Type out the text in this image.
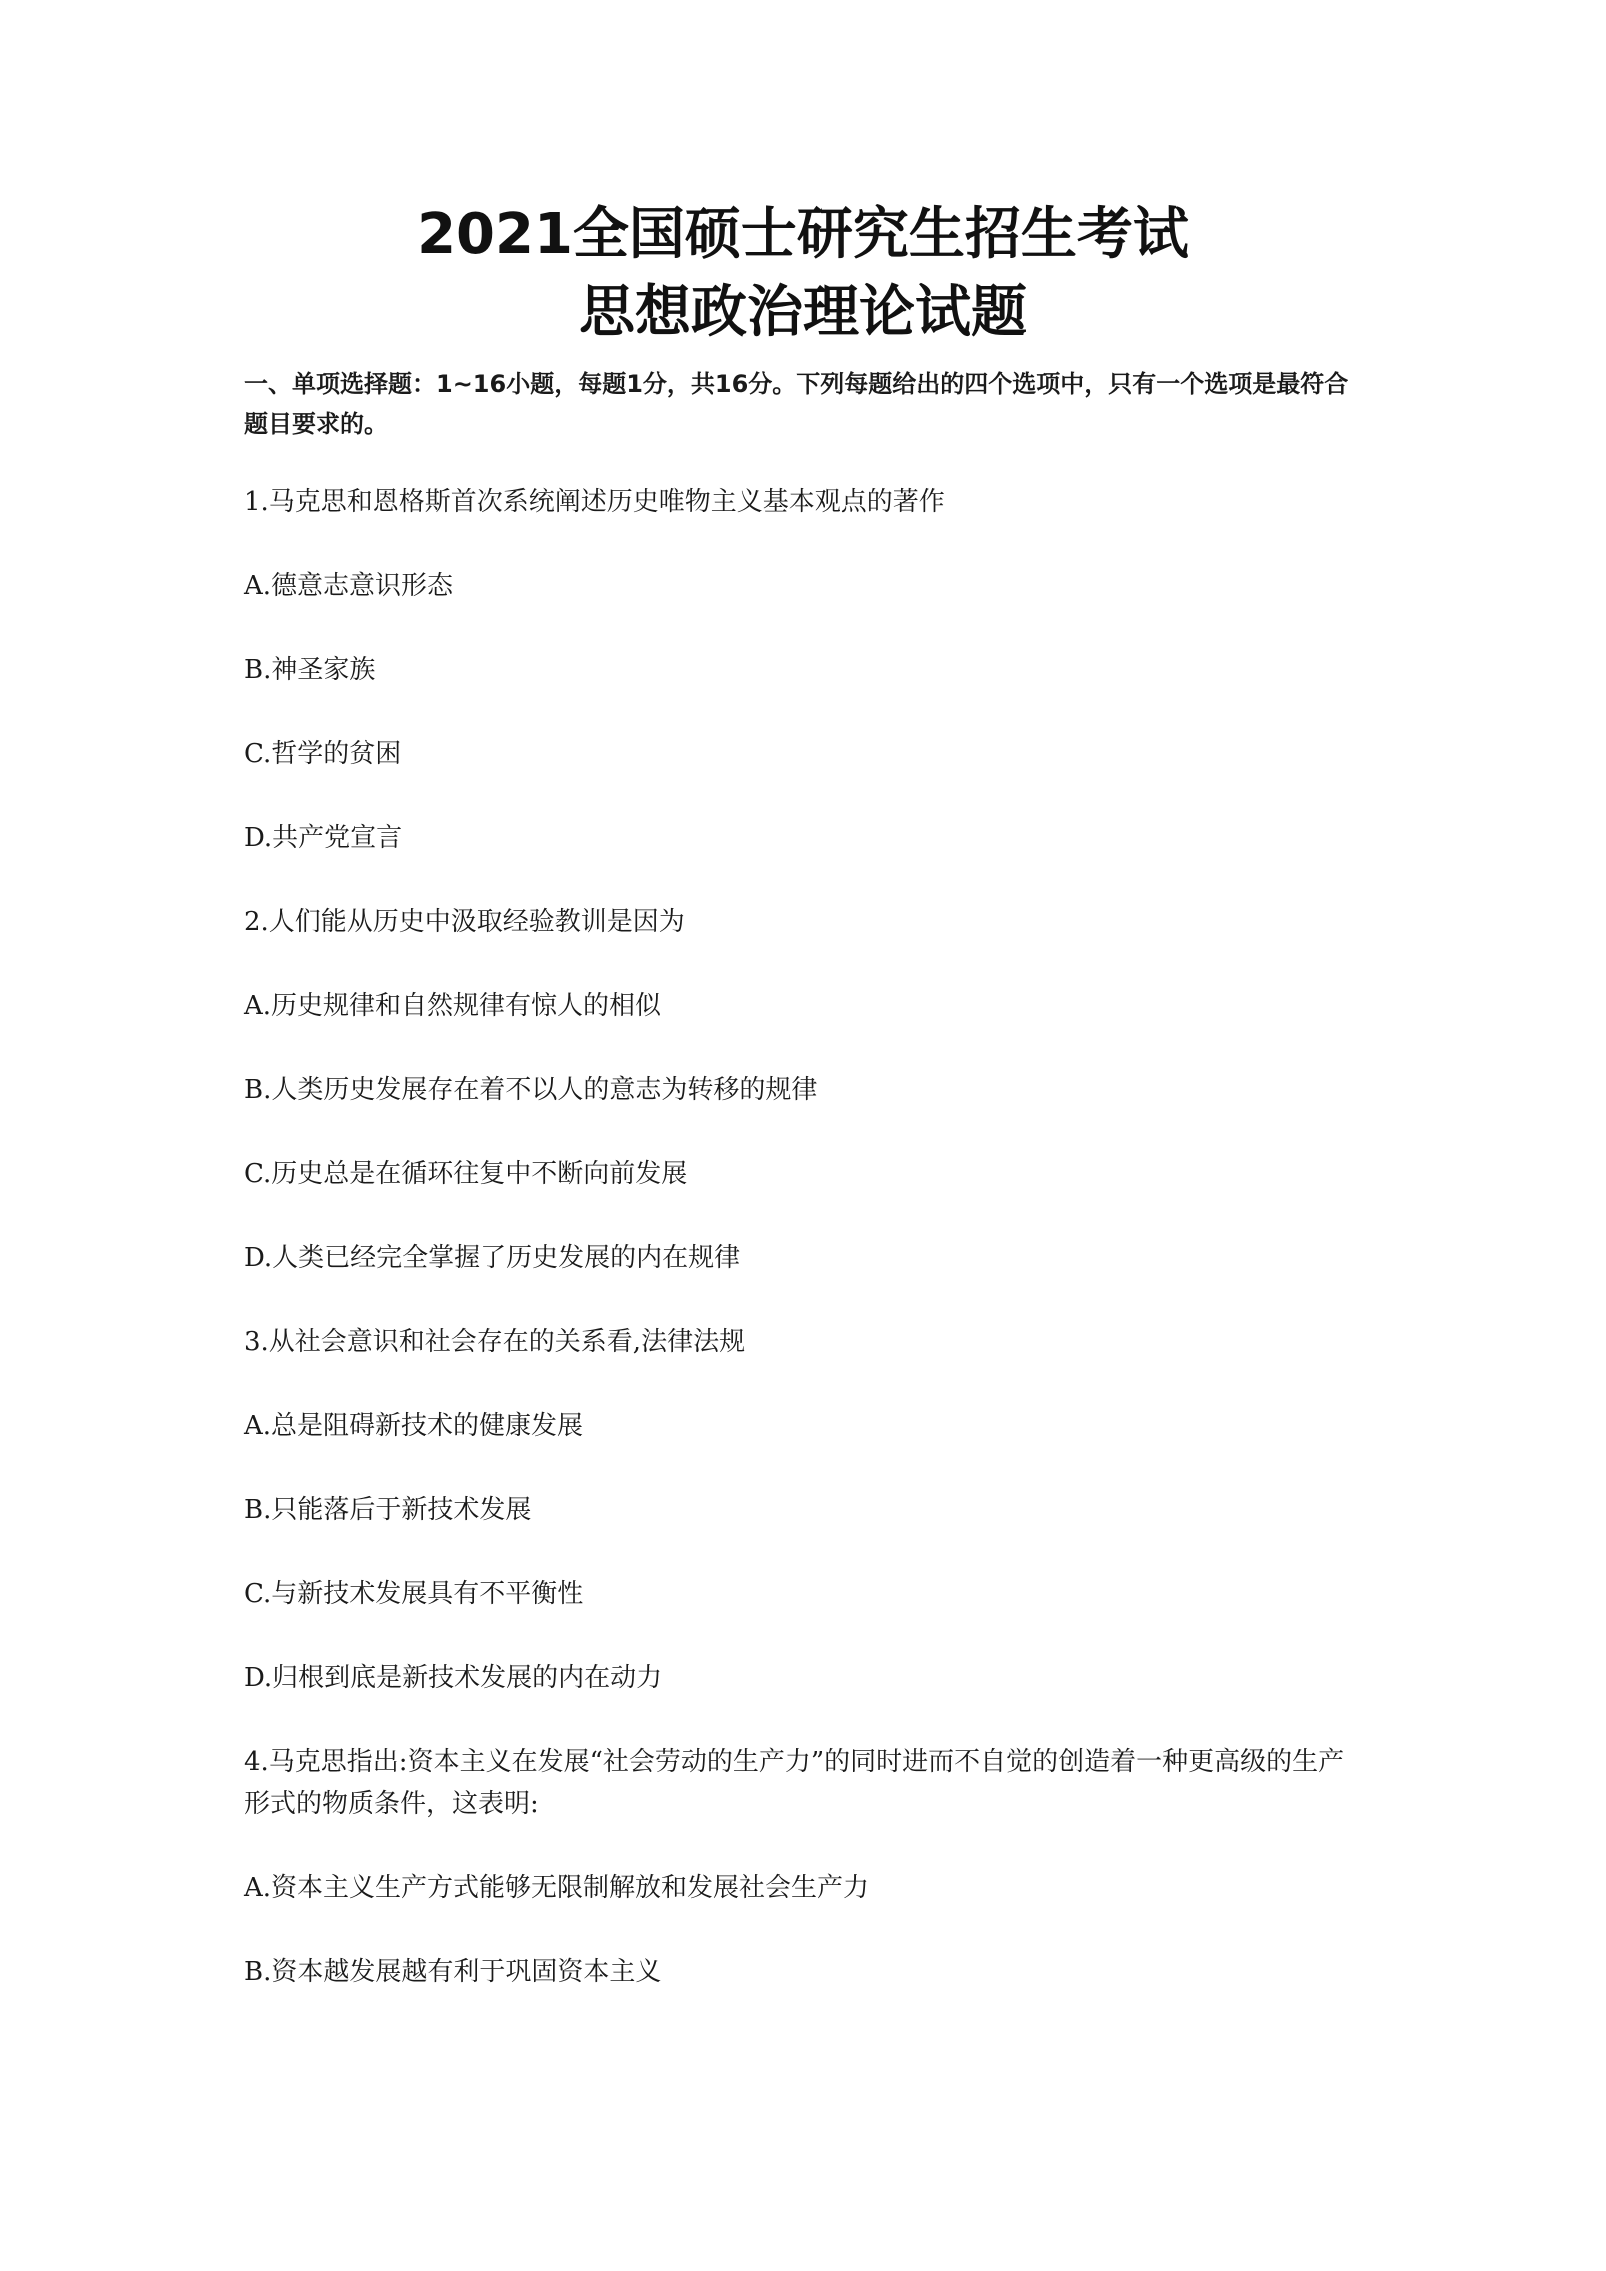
2021全国硕士研究生招生考试
思想政治理论试题

一、单项选择题：1~16小题，每题1分，共16分。下列每题给出的四个选项中，只有一个选项是最符合题目要求的。

1.马克思和恩格斯首次系统阐述历史唯物主义基本观点的著作

A.德意志意识形态

B.神圣家族

C.哲学的贫困

D.共产党宣言

2.人们能从历史中汲取经验教训是因为

A.历史规律和自然规律有惊人的相似

B.人类历史发展存在着不以人的意志为转移的规律

C.历史总是在循环往复中不断向前发展

D.人类已经完全掌握了历史发展的内在规律

3.从社会意识和社会存在的关系看,法律法规

A.总是阻碍新技术的健康发展

B.只能落后于新技术发展

C.与新技术发展具有不平衡性

D.归根到底是新技术发展的内在动力

4.马克思指出:资本主义在发展“社会劳动的生产力”的同时进而不自觉的创造着一种更高级的生产形式的物质条件，这表明:

A.资本主义生产方式能够无限制解放和发展社会生产力

B.资本越发展越有利于巩固资本主义
